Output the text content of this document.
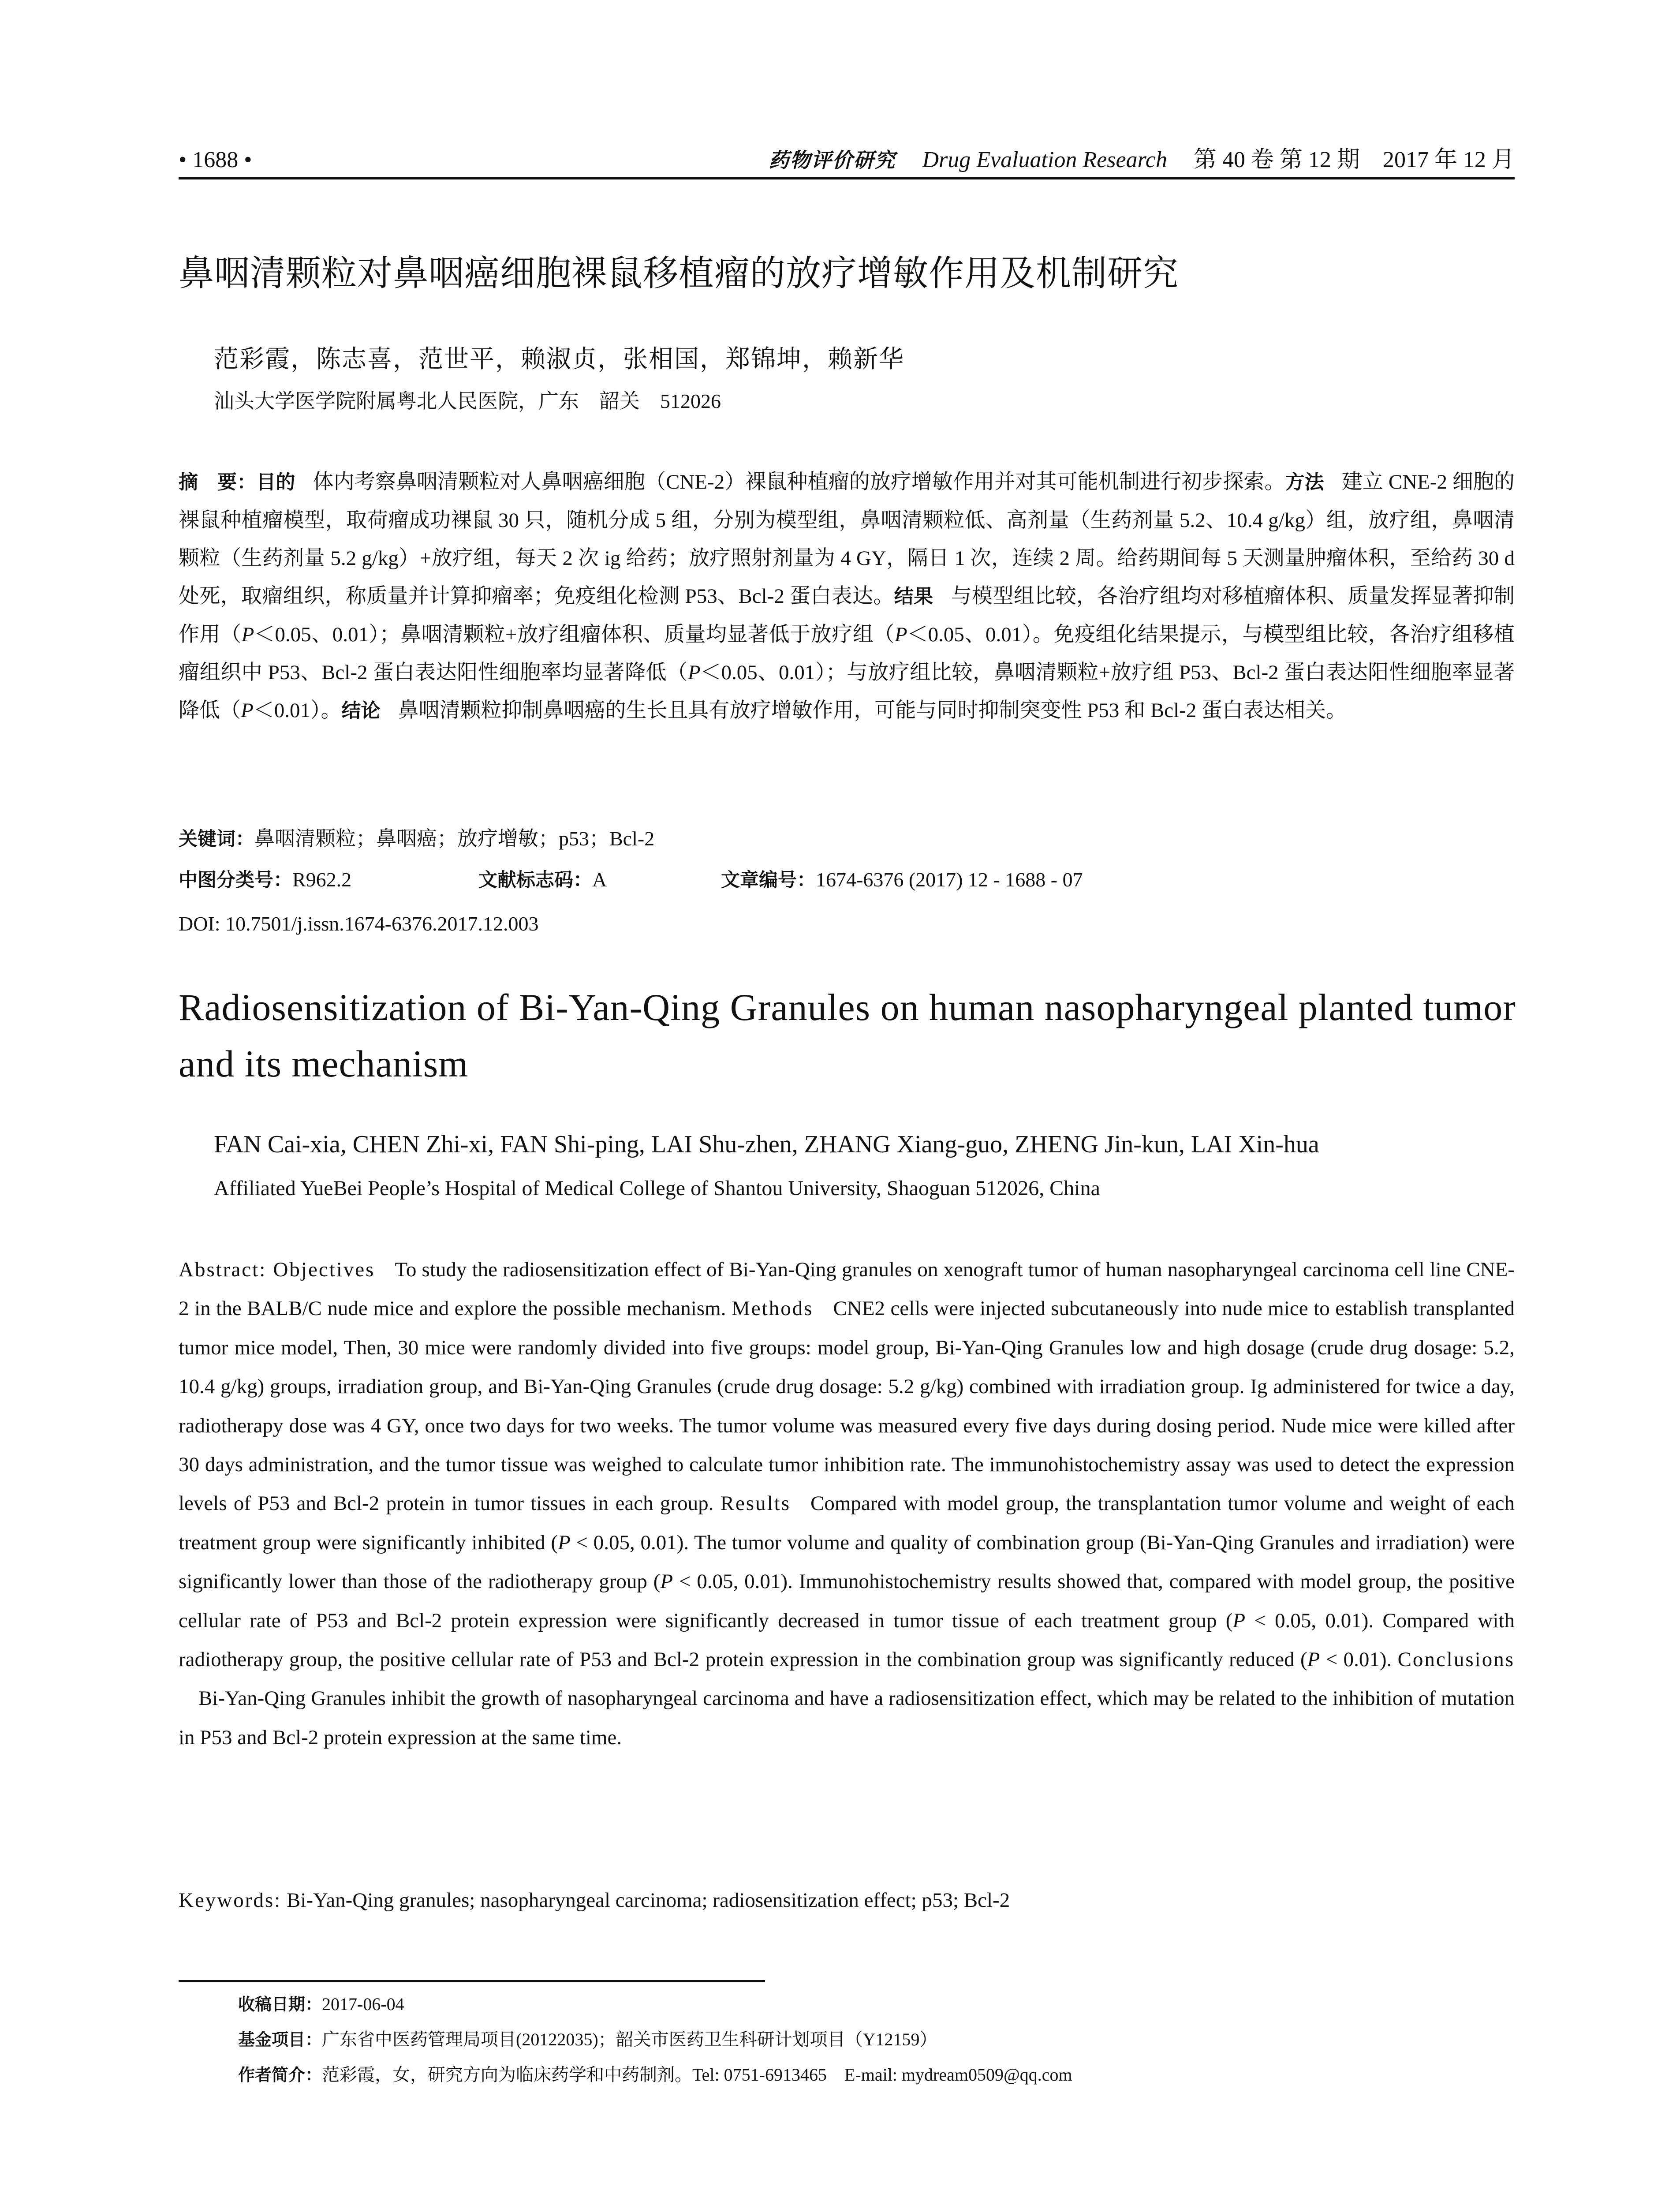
• 1688 •	药物评价研究 Drug Evaluation Research 第 40 卷 第 12 期　2017 年 12 月
鼻咽清颗粒对鼻咽癌细胞裸鼠移植瘤的放疗增敏作用及机制研究
范彩霞，陈志喜，范世平，赖淑贞，张相国，郑锦坤，赖新华
汕头大学医学院附属粤北人民医院，广东　韶关　512026
摘　要：目的 体内考察鼻咽清颗粒对人鼻咽癌细胞（CNE-2）裸鼠种植瘤的放疗增敏作用并对其可能机制进行初步探索。方法 建立 CNE-2 细胞的裸鼠种植瘤模型，取荷瘤成功裸鼠 30 只，随机分成 5 组，分别为模型组，鼻咽清颗粒低、高剂量（生药剂量 5.2、10.4 g/kg）组，放疗组，鼻咽清颗粒（生药剂量 5.2 g/kg）+放疗组，每天 2 次 ig 给药；放疗照射剂量为 4 GY，隔日 1 次，连续 2 周。给药期间每 5 天测量肿瘤体积，至给药 30 d 处死，取瘤组织，称质量并计算抑瘤率；免疫组化检测 P53、Bcl-2 蛋白表达。结果 与模型组比较，各治疗组均对移植瘤体积、质量发挥显著抑制作用（P＜0.05、0.01）；鼻咽清颗粒+放疗组瘤体积、质量均显著低于放疗组（P＜0.05、0.01）。免疫组化结果提示，与模型组比较，各治疗组移植瘤组织中 P53、Bcl-2 蛋白表达阳性细胞率均显著降低（P＜0.05、0.01）；与放疗组比较，鼻咽清颗粒+放疗组 P53、Bcl-2 蛋白表达阳性细胞率显著降低（P＜0.01）。结论 鼻咽清颗粒抑制鼻咽癌的生长且具有放疗增敏作用，可能与同时抑制突变性 P53 和 Bcl-2 蛋白表达相关。
关键词：鼻咽清颗粒；鼻咽癌；放疗增敏；p53；Bcl-2
中图分类号：R962.2	文献标志码：A	文章编号：1674-6376 (2017) 12 - 1688 - 07
DOI: 10.7501/j.issn.1674-6376.2017.12.003
Radiosensitization of Bi-Yan-Qing Granules on human nasopharyngeal planted tumor and its mechanism
FAN Cai-xia, CHEN Zhi-xi, FAN Shi-ping, LAI Shu-zhen, ZHANG Xiang-guo, ZHENG Jin-kun, LAI Xin-hua
Affiliated YueBei People’s Hospital of Medical College of Shantou University, Shaoguan 512026, China
Abstract: Objectives To study the radiosensitization effect of Bi-Yan-Qing granules on xenograft tumor of human nasopharyngeal carcinoma cell line CNE-2 in the BALB/C nude mice and explore the possible mechanism. Methods CNE2 cells were injected subcutaneously into nude mice to establish transplanted tumor mice model, Then, 30 mice were randomly divided into five groups: model group, Bi-Yan-Qing Granules low and high dosage (crude drug dosage: 5.2, 10.4 g/kg) groups, irradiation group, and Bi-Yan-Qing Granules (crude drug dosage: 5.2 g/kg) combined with irradiation group. Ig administered for twice a day, radiotherapy dose was 4 GY, once two days for two weeks. The tumor volume was measured every five days during dosing period. Nude mice were killed after 30 days administration, and the tumor tissue was weighed to calculate tumor inhibition rate. The immunohistochemistry assay was used to detect the expression levels of P53 and Bcl-2 protein in tumor tissues in each group. Results Compared with model group, the transplantation tumor volume and weight of each treatment group were significantly inhibited (P < 0.05, 0.01). The tumor volume and quality of combination group (Bi-Yan-Qing Granules and irradiation) were significantly lower than those of the radiotherapy group (P < 0.05, 0.01). Immunohistochemistry results showed that, compared with model group, the positive cellular rate of P53 and Bcl-2 protein expression were significantly decreased in tumor tissue of each treatment group (P < 0.05, 0.01). Compared with radiotherapy group, the positive cellular rate of P53 and Bcl-2 protein expression in the combination group was significantly reduced (P < 0.01). ConclusionsBi-Yan-Qing Granules inhibit the growth of nasopharyngeal carcinoma and have a radiosensitization effect, which may be related to the inhibition of mutation in P53 and Bcl-2 protein expression at the same time.
Keywords: Bi-Yan-Qing granules; nasopharyngeal carcinoma; radiosensitization effect; p53; Bcl-2
收稿日期：2017-06-04
基金项目：广东省中医药管理局项目(20122035)；韶关市医药卫生科研计划项目（Y12159）
作者简介：范彩霞，女，研究方向为临床药学和中药制剂。Tel: 0751-6913465　E-mail: mydream0509@qq.com
